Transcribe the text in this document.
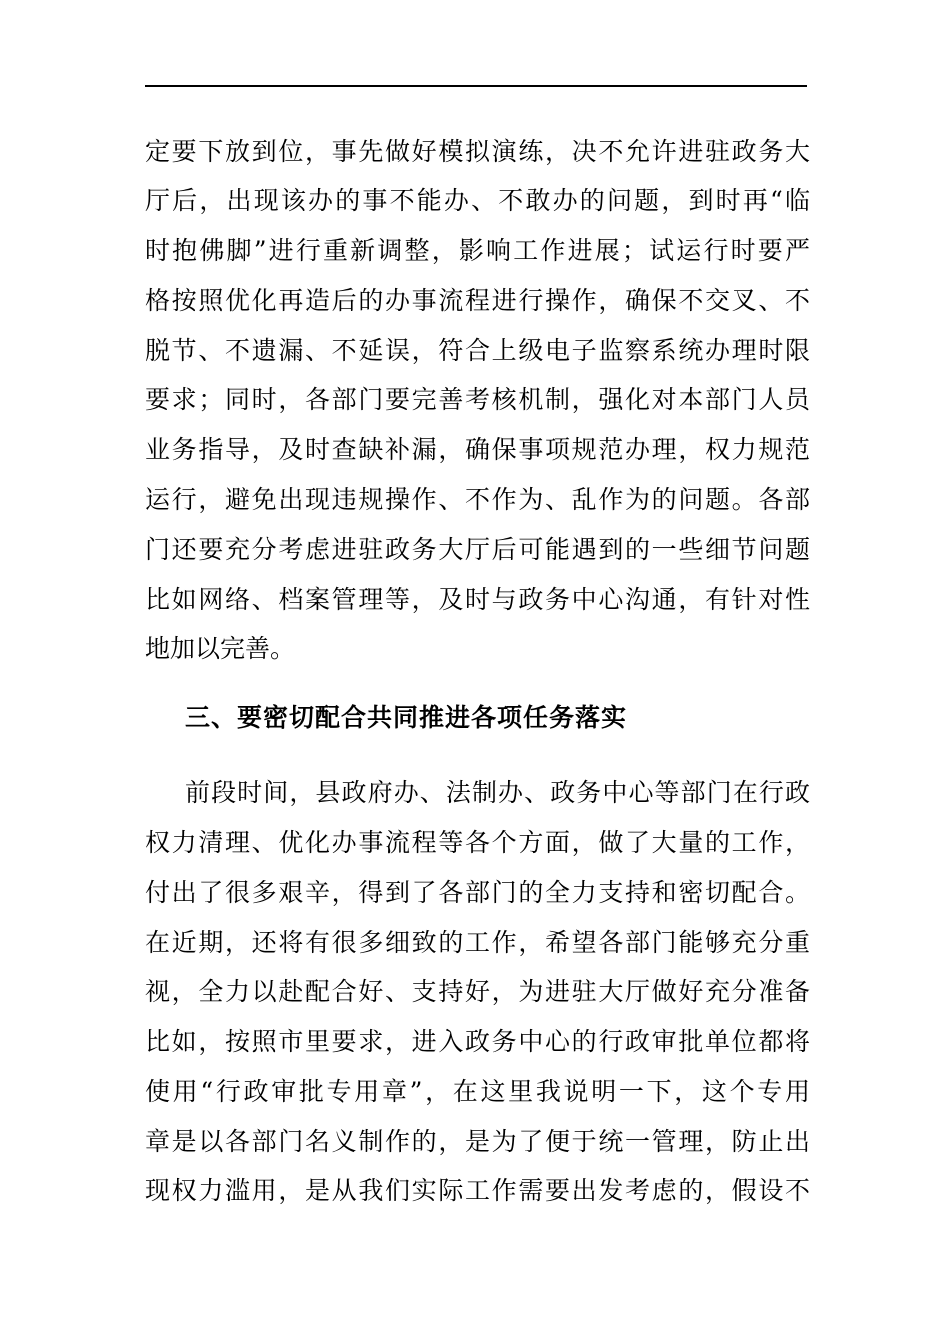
定要下放到位，事先做好模拟演练，决不允许进驻政务大
厅后，出现该办的事不能办、不敢办的问题，到时再“临
时抱佛脚”进行重新调整，影响工作进展；试运行时要严
格按照优化再造后的办事流程进行操作，确保不交叉、不
脱节、不遗漏、不延误，符合上级电子监察系统办理时限
要求；同时，各部门要完善考核机制，强化对本部门人员
业务指导，及时查缺补漏，确保事项规范办理，权力规范
运行，避免出现违规操作、不作为、乱作为的问题。各部
门还要充分考虑进驻政务大厅后可能遇到的一些细节问题
比如网络、档案管理等，及时与政务中心沟通，有针对性
地加以完善。
三、要密切配合共同推进各项任务落实
前段时间，县政府办、法制办、政务中心等部门在行政
权力清理、优化办事流程等各个方面，做了大量的工作，
付出了很多艰辛，得到了各部门的全力支持和密切配合。
在近期，还将有很多细致的工作，希望各部门能够充分重
视，全力以赴配合好、支持好，为进驻大厅做好充分准备
比如，按照市里要求，进入政务中心的行政审批单位都将
使用“行政审批专用章”，在这里我说明一下，这个专用
章是以各部门名义制作的，是为了便于统一管理，防止出
现权力滥用，是从我们实际工作需要出发考虑的，假设不
